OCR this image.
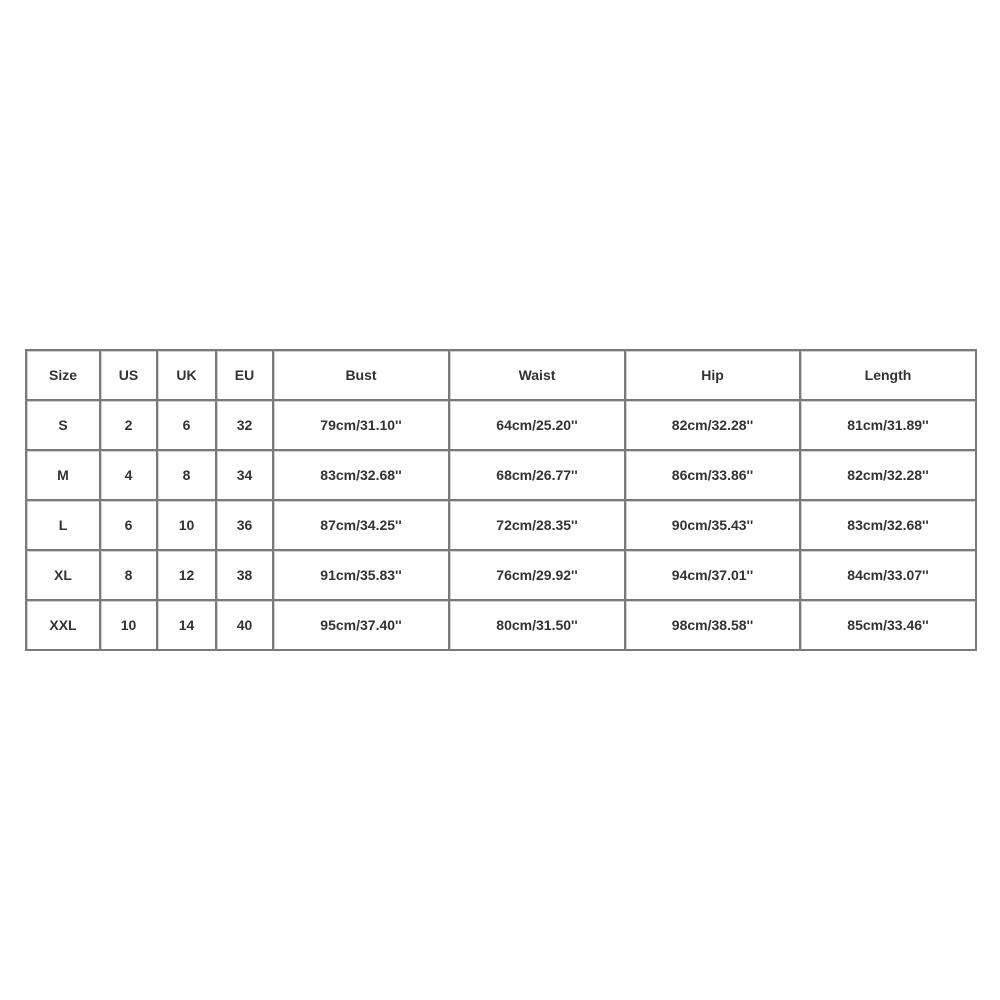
Size	US	UK	EU	Bust	Waist	Hip	Length
S	2	6	32	79cm/31.10''	64cm/25.20''	82cm/32.28''	81cm/31.89''
M	4	8	34	83cm/32.68''	68cm/26.77''	86cm/33.86''	82cm/32.28''
L	6	10	36	87cm/34.25''	72cm/28.35''	90cm/35.43''	83cm/32.68''
XL	8	12	38	91cm/35.83''	76cm/29.92''	94cm/37.01''	84cm/33.07''
XXL	10	14	40	95cm/37.40''	80cm/31.50''	98cm/38.58''	85cm/33.46''
